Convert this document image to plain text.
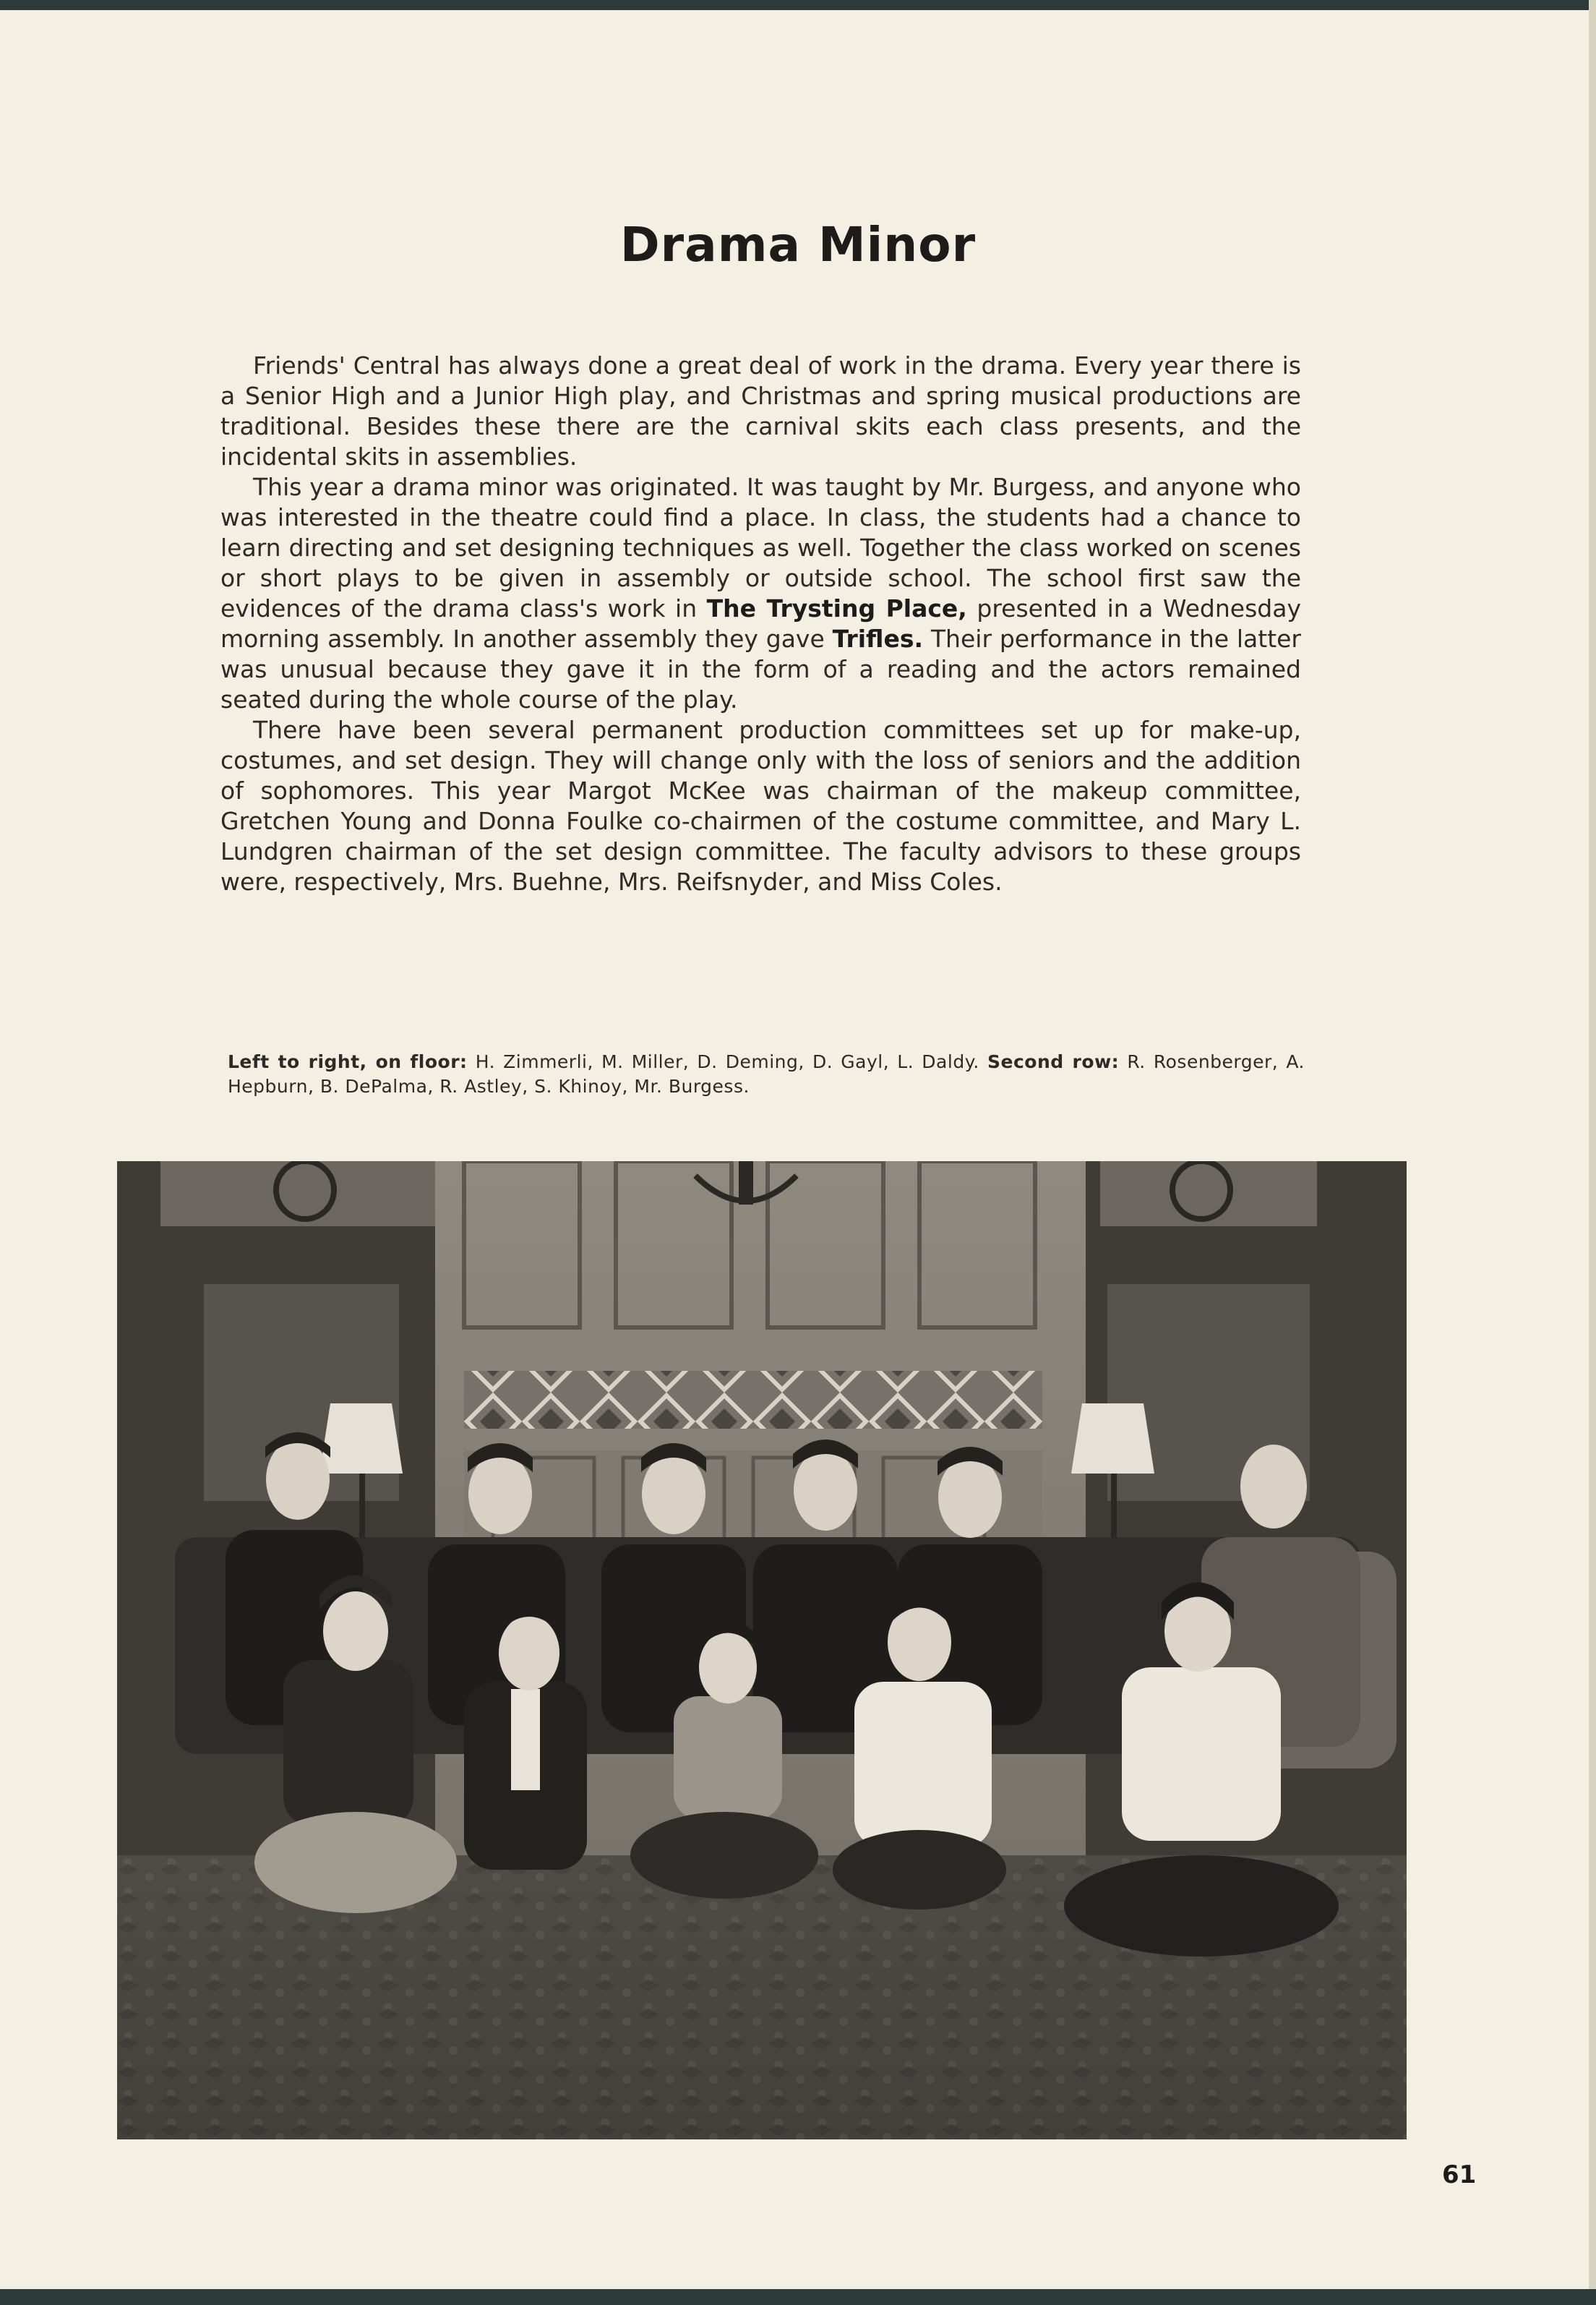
Drama Minor

Friends' Central has always done a great deal of work in the drama. Every year there is a Senior High and a Junior High play, and Christmas and spring musical productions are traditional. Besides these there are the carnival skits each class presents, and the incidental skits in assemblies.

This year a drama minor was originated. It was taught by Mr. Burgess, and anyone who was interested in the theatre could find a place. In class, the students had a chance to learn directing and set designing techniques as well. Together the class worked on scenes or short plays to be given in assembly or outside school. The school first saw the evidences of the drama class's work in The Trysting Place, presented in a Wednesday morning assembly. In another assembly they gave Trifles. Their performance in the latter was unusual because they gave it in the form of a reading and the actors remained seated during the whole course of the play.

There have been several permanent production committees set up for make-up, costumes, and set design. They will change only with the loss of seniors and the addition of sophomores. This year Margot McKee was chairman of the makeup committee, Gretchen Young and Donna Foulke co-chairmen of the costume committee, and Mary L. Lundgren chairman of the set design committee. The faculty advisors to these groups were, respectively, Mrs. Buehne, Mrs. Reifsnyder, and Miss Coles.

Left to right, on floor: H. Zimmerli, M. Miller, D. Deming, D. Gayl, L. Daldy. Second row: R. Rosenberger, A. Hepburn, B. DePalma, R. Astley, S. Khinoy, Mr. Burgess.
61
